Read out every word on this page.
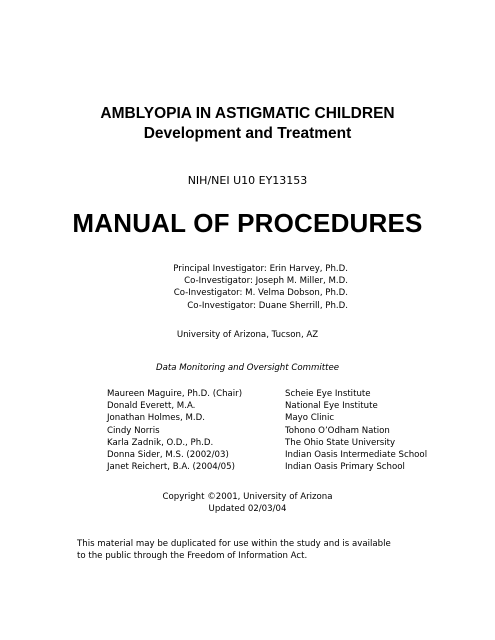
AMBLYOPIA IN ASTIGMATIC CHILDREN
Development and Treatment
NIH/NEI U10 EY13153
MANUAL OF PROCEDURES
Principal Investigator: Erin Harvey, Ph.D.
Co-Investigator: Joseph M. Miller, M.D.
Co-Investigator: M. Velma Dobson, Ph.D.
Co-Investigator: Duane Sherrill, Ph.D.
University of Arizona, Tucson, AZ
Data Monitoring and Oversight Committee
Maureen Maguire, Ph.D. (Chair)	Scheie Eye Institute
Donald Everett, M.A.	National Eye Institute
Jonathan Holmes, M.D.	Mayo Clinic
Cindy Norris	Tohono O’Odham Nation
Karla Zadnik, O.D., Ph.D.	The Ohio State University
Donna Sider, M.S. (2002/03)	Indian Oasis Intermediate School
Janet Reichert, B.A. (2004/05)	Indian Oasis Primary School
Copyright ©2001, University of Arizona
Updated 02/03/04
This material may be duplicated for use within the study and is available
to the public through the Freedom of Information Act.
